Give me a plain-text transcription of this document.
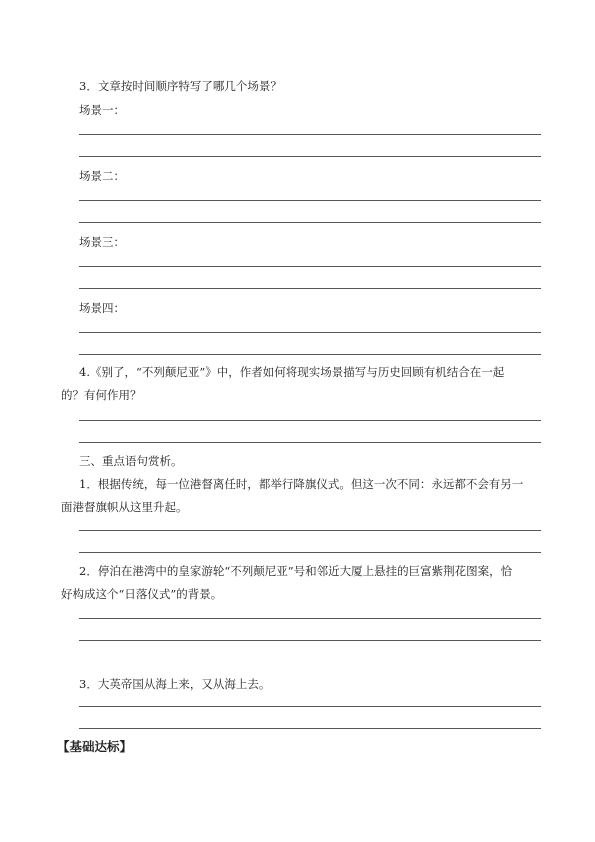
3．文章按时间顺序特写了哪几个场景？
场景一：
场景二：
场景三：
场景四：
4.《别了，“不列颠尼亚”》中，作者如何将现实场景描写与历史回顾有机结合在一起
的？有何作用？
三、重点语句赏析。
1．根据传统，每一位港督离任时，都举行降旗仪式。但这一次不同：永远都不会有另一
面港督旗帜从这里升起。
2．停泊在港湾中的皇家游轮“不列颠尼亚”号和邻近大厦上悬挂的巨富紫荆花图案，恰
好构成这个“日落仪式”的背景。
3．大英帝国从海上来，又从海上去。
【基础达标】
